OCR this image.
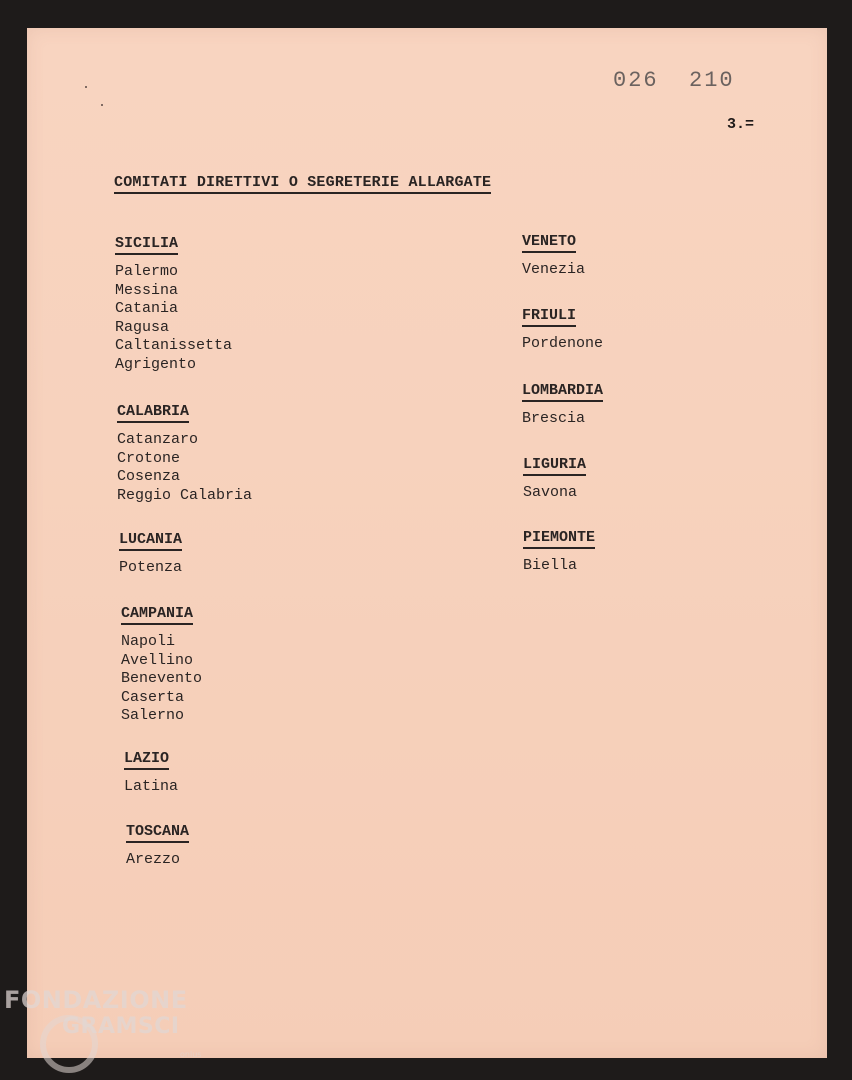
026  210
3.=
COMITATI DIRETTIVI O SEGRETERIE ALLARGATE
SICILIA
Palermo
Messina
Catania
Ragusa
Caltanissetta
Agrigento
CALABRIA
Catanzaro
Crotone
Cosenza
Reggio Calabria
LUCANIA
Potenza
CAMPANIA
Napoli
Avellino
Benevento
Caserta
Salerno
LAZIO
Latina
TOSCANA
Arezzo
VENETO
Venezia
FRIULI
Pordenone
LOMBARDIA
Brescia
LIGURIA
Savona
PIEMONTE
Biella
FONDAZIONE
GRAMSCI
onlus
